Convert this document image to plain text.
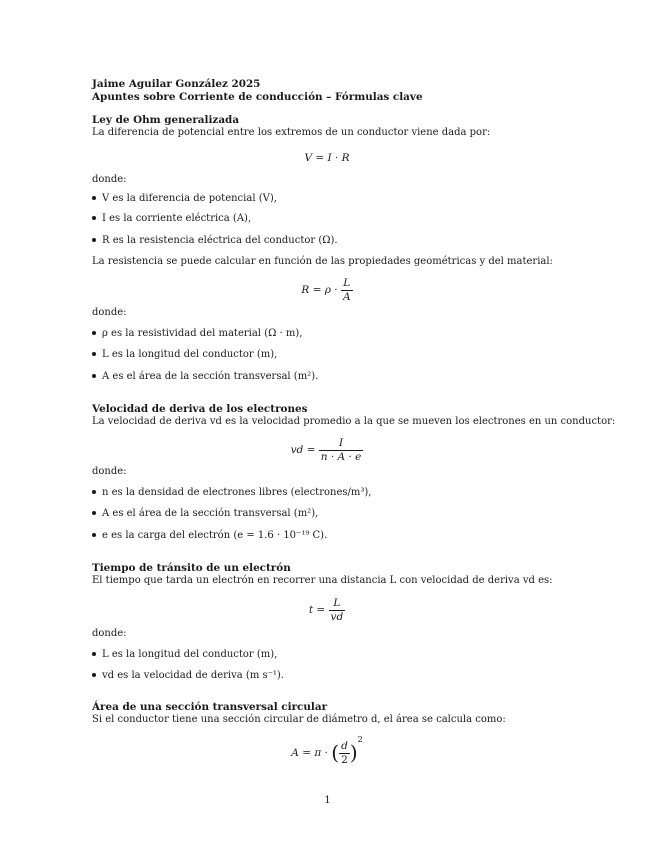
Jaime Aguilar González 2025
Apuntes sobre Corriente de conducción – Fórmulas clave
Ley de Ohm generalizada
La diferencia de potencial entre los extremos de un conductor viene dada por:
V = I · R
donde:
V es la diferencia de potencial (V),
I es la corriente eléctrica (A),
R es la resistencia eléctrica del conductor (Ω).
La resistencia se puede calcular en función de las propiedades geométricas y del material:
$R = \rho \cdot \frac{L}{A}$
donde:
ρ es la resistividad del material (Ω · m),
L es la longitud del conductor (m),
A es el área de la sección transversal (m²).
Velocidad de deriva de los electrones
La velocidad de deriva vd es la velocidad promedio a la que se mueven los electrones en un conductor:
vd = $\frac{I}{n \cdot A \cdot e}$
donde:
n es la densidad de electrones libres (electrones/m³),
A es el área de la sección transversal (m²),
e es la carga del electrón (e = 1.6 · 10⁻¹⁹ C).
Tiempo de tránsito de un electrón
El tiempo que tarda un electrón en recorrer una distancia L con velocidad de deriva vd es:
$t = \frac{L}{vd}$
donde:
L es la longitud del conductor (m),
vd es la velocidad de deriva (m s⁻¹).
Área de una sección transversal circular
Si el conductor tiene una sección circular de diámetro d, el área se calcula como:
A = π · ( $\frac{d}{2} )^2$
1
